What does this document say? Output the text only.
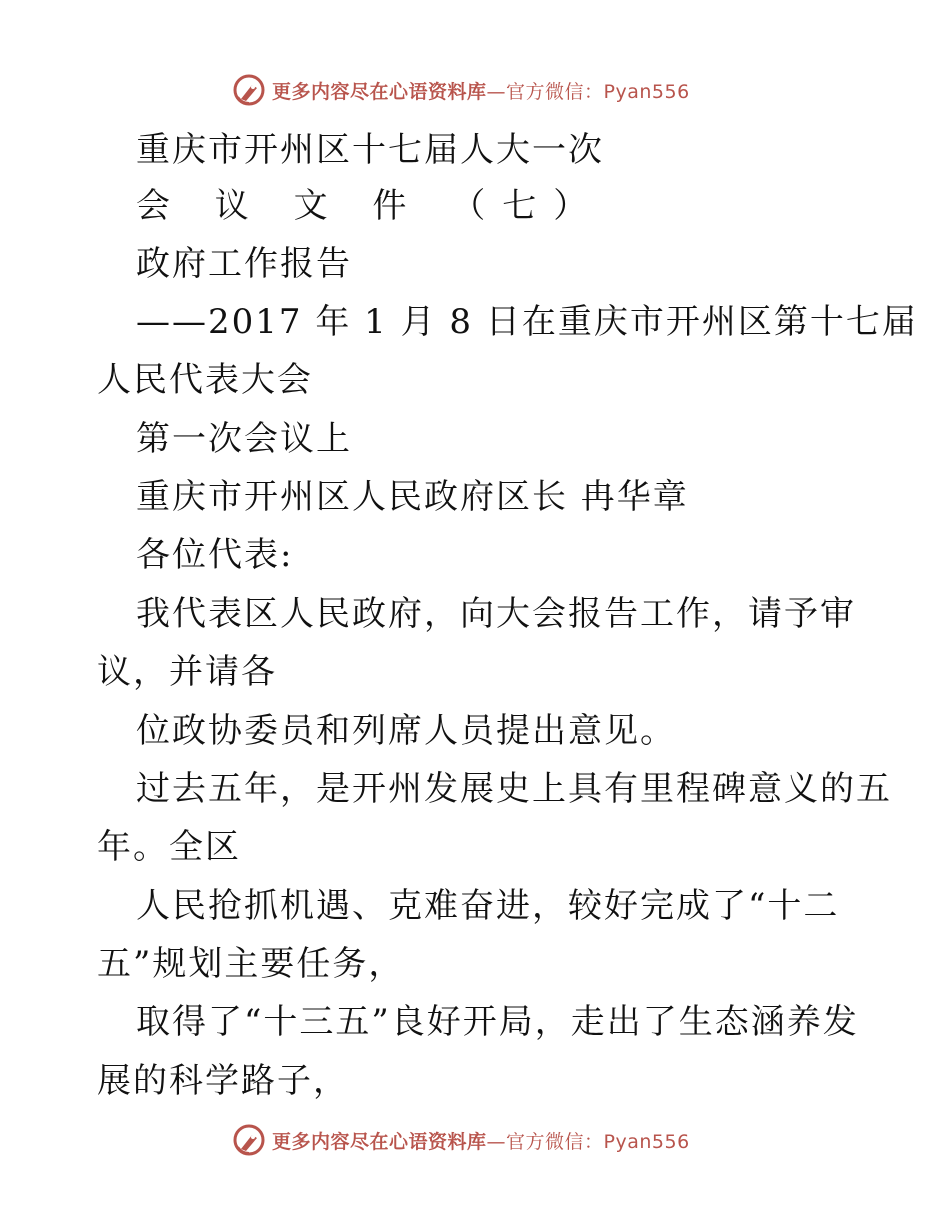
更多内容尽在心语资料库—官方微信：Pyan556
重庆市开州区十七届人大一次
会 议 文 件 （七）
政府工作报告
——2017 年 1 月 8 日在重庆市开州区第十七届
人民代表大会
第一次会议上
重庆市开州区人民政府区长 冉华章
各位代表:
我代表区人民政府，向大会报告工作，请予审
议，并请各
位政协委员和列席人员提出意见。
过去五年，是开州发展史上具有里程碑意义的五
年。全区
人民抢抓机遇、克难奋进，较好完成了“十二
五”规划主要任务，
取得了“十三五”良好开局，走出了生态涵养发
展的科学路子，
更多内容尽在心语资料库—官方微信：Pyan556
